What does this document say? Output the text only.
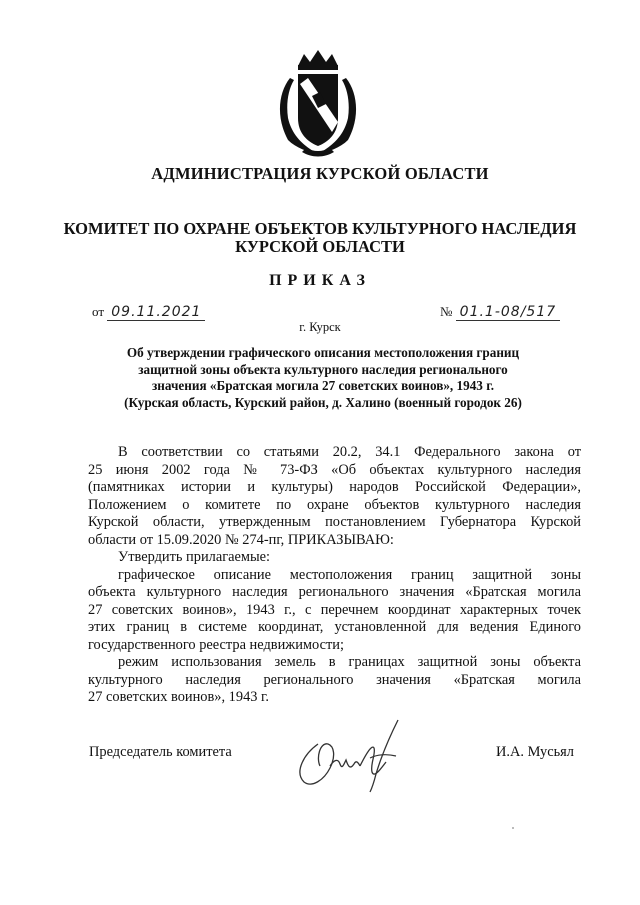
АДМИНИСТРАЦИЯ КУРСКОЙ ОБЛАСТИ
КОМИТЕТ ПО ОХРАНЕ ОБЪЕКТОВ КУЛЬТУРНОГО НАСЛЕДИЯ
КУРСКОЙ ОБЛАСТИ
ПРИКАЗ
от 09.11.2021	№ 01.1-08/517
г. Курск
Об утверждении графического описания местоположения границ
защитной зоны объекта культурного наследия регионального
значения «Братская могила 27 советских воинов», 1943 г.
(Курская область, Курский район, д. Халино (военный городок 26)

В соответствии со статьями 20.2, 34.1 Федерального закона от
25 июня 2002 года № 73-ФЗ «Об объектах культурного наследия
(памятниках истории и культуры) народов Российской Федерации»,
Положением о комитете по охране объектов культурного наследия
Курской области, утвержденным постановлением Губернатора Курской
области от 15.09.2020 № 274-пг, ПРИКАЗЫВАЮ:

Утвердить прилагаемые:

графическое описание местоположения границ защитной зоны
объекта культурного наследия регионального значения «Братская могила
27 советских воинов», 1943 г., с перечнем координат характерных точек
этих границ в системе координат, установленной для ведения Единого
государственного реестра недвижимости;

режим использования земель в границах защитной зоны объекта
культурного наследия регионального значения «Братская могила
27 советских воинов», 1943 г.

Председатель комитета	И.А. Мусьял
